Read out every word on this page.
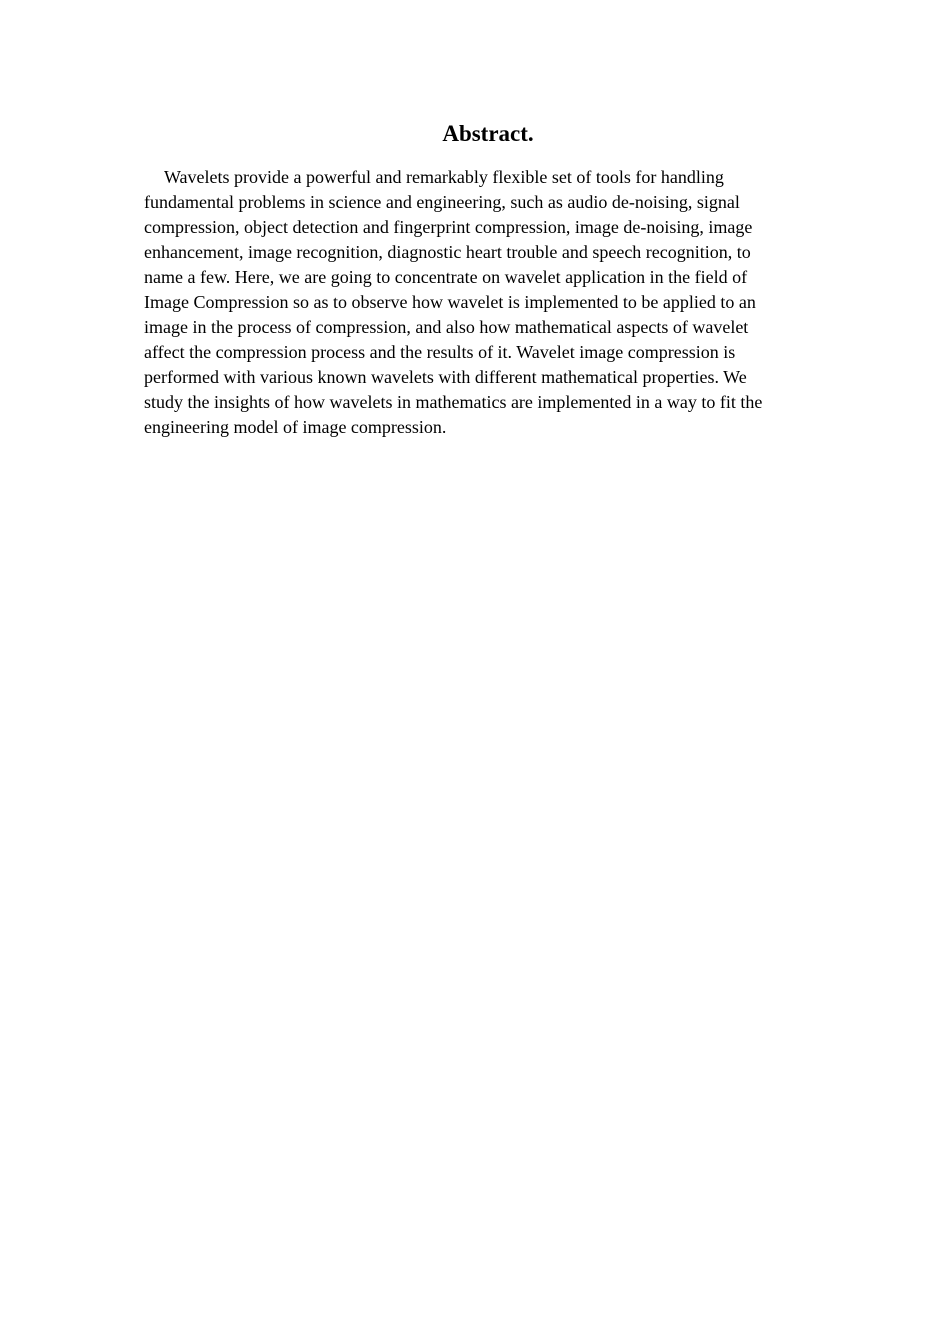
Abstract.

Wavelets provide a powerful and remarkably flexible set of tools for handling
fundamental problems in science and engineering, such as audio de-noising, signal
compression, object detection and fingerprint compression, image de-noising, image
enhancement, image recognition, diagnostic heart trouble and speech recognition, to
name a few. Here, we are going to concentrate on wavelet application in the field of
Image Compression so as to observe how wavelet is implemented to be applied to an
image in the process of compression, and also how mathematical aspects of wavelet
affect the compression process and the results of it. Wavelet image compression is
performed with various known wavelets with different mathematical properties. We
study the insights of how wavelets in mathematics are implemented in a way to fit the
engineering model of image compression.
